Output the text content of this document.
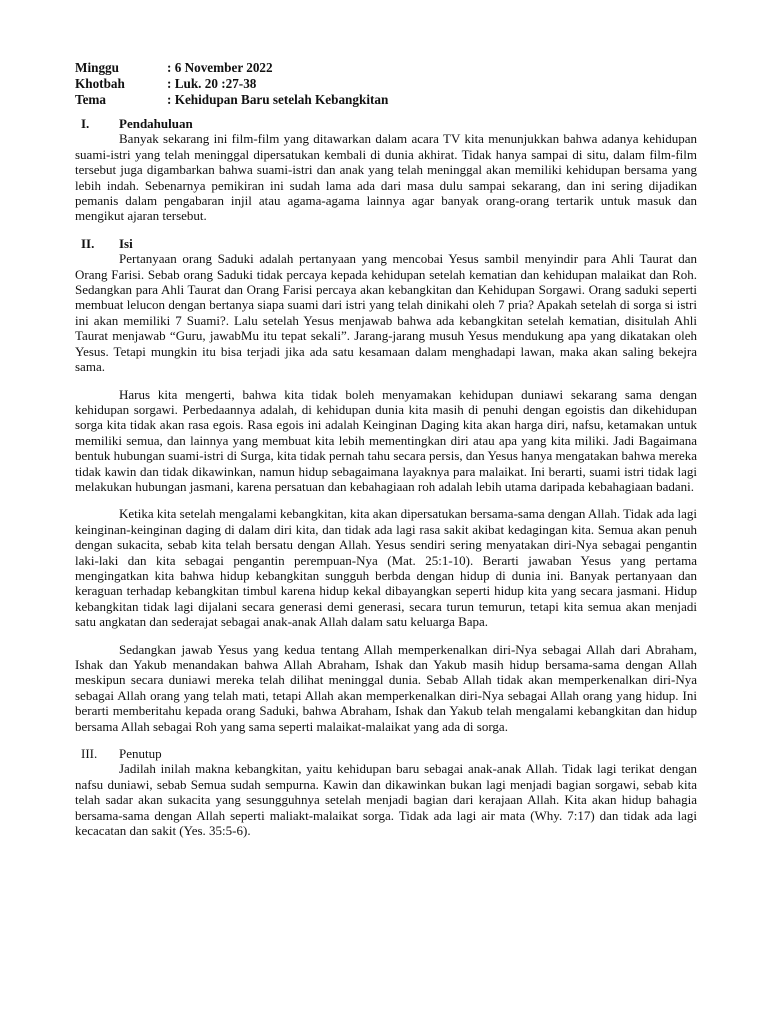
Minggu	: 6 November 2022

Khotbah	: Luk. 20 :27-38

Tema	: Kehidupan Baru setelah Kebangkitan

I.	Pendahuluan

Banyak sekarang ini film-film yang ditawarkan dalam acara TV kita menunjukkan bahwa adanya kehidupan suami-istri yang telah meninggal dipersatukan kembali di dunia akhirat. Tidak hanya sampai di situ, dalam film-film tersebut juga digambarkan bahwa suami-istri dan anak yang telah meninggal akan memiliki kehidupan bersama yang lebih indah. Sebenarnya pemikiran ini sudah lama ada dari masa dulu sampai sekarang, dan ini sering dijadikan pemanis dalam pengabaran injil atau agama-agama lainnya agar banyak orang-orang tertarik untuk masuk dan mengikut ajaran tersebut.

II.	Isi

Pertanyaan orang Saduki adalah pertanyaan yang mencobai Yesus sambil menyindir para Ahli Taurat dan Orang Farisi. Sebab orang Saduki tidak percaya kepada kehidupan setelah kematian dan kehidupan malaikat dan Roh. Sedangkan para Ahli Taurat dan Orang Farisi percaya akan kebangkitan dan Kehidupan Sorgawi. Orang saduki seperti membuat lelucon dengan bertanya siapa suami dari istri yang telah dinikahi oleh 7 pria? Apakah setelah di sorga si istri ini akan memiliki 7 Suami?. Lalu setelah Yesus menjawab bahwa ada kebangkitan setelah kematian, disitulah Ahli Taurat menjawab “Guru, jawabMu itu tepat sekali”. Jarang-jarang musuh Yesus mendukung apa yang dikatakan oleh Yesus. Tetapi mungkin itu bisa terjadi jika ada satu kesamaan dalam menghadapi lawan, maka akan saling bekejra sama.

Harus kita mengerti, bahwa kita tidak boleh menyamakan kehidupan duniawi sekarang sama dengan kehidupan sorgawi. Perbedaannya adalah, di kehidupan dunia kita masih di penuhi dengan egoistis dan dikehidupan sorga kita tidak akan rasa egois. Rasa egois ini adalah Keinginan Daging kita akan harga diri, nafsu, ketamakan untuk memiliki semua, dan lainnya yang membuat kita lebih mementingkan diri atau apa yang kita miliki. Jadi Bagaimana bentuk hubungan suami-istri di Surga, kita tidak pernah tahu secara persis, dan Yesus hanya mengatakan bahwa mereka tidak kawin dan tidak dikawinkan, namun hidup sebagaimana layaknya para malaikat. Ini berarti, suami istri tidak lagi melakukan hubungan jasmani, karena persatuan dan kebahagiaan roh adalah lebih utama daripada kebahagiaan badani.

Ketika kita setelah mengalami kebangkitan, kita akan dipersatukan bersama-sama dengan Allah. Tidak ada lagi keinginan-keinginan daging di dalam diri kita, dan tidak ada lagi rasa sakit akibat kedagingan kita. Semua akan penuh dengan sukacita, sebab kita telah bersatu dengan Allah. Yesus sendiri sering menyatakan diri-Nya sebagai pengantin laki-laki dan kita sebagai pengantin perempuan-Nya (Mat. 25:1-10). Berarti jawaban Yesus yang pertama mengingatkan kita bahwa hidup kebangkitan sungguh berbda dengan hidup di dunia ini. Banyak pertanyaan dan keraguan terhadap kebangkitan timbul karena hidup kekal dibayangkan seperti hidup kita yang secara jasmani. Hidup kebangkitan tidak lagi dijalani secara generasi demi generasi, secara turun temurun, tetapi kita semua akan menjadi satu angkatan dan sederajat sebagai anak-anak Allah dalam satu keluarga Bapa.

Sedangkan jawab Yesus yang kedua tentang Allah memperkenalkan diri-Nya sebagai Allah dari Abraham, Ishak dan Yakub menandakan bahwa Allah Abraham, Ishak dan Yakub masih hidup bersama-sama dengan Allah meskipun secara duniawi mereka telah dilihat meninggal dunia. Sebab Allah tidak akan memperkenalkan diri-Nya sebagai Allah orang yang telah mati, tetapi Allah akan memperkenalkan diri-Nya sebagai Allah orang yang hidup. Ini berarti memberitahu kepada orang Saduki, bahwa Abraham, Ishak dan Yakub telah mengalami kebangkitan dan hidup bersama Allah sebagai Roh yang sama seperti malaikat-malaikat yang ada di sorga.

III.	Penutup

Jadilah inilah makna kebangkitan, yaitu kehidupan baru sebagai anak-anak Allah. Tidak lagi terikat dengan nafsu duniawi, sebab Semua sudah sempurna. Kawin dan dikawinkan bukan lagi menjadi bagian sorgawi, sebab kita telah sadar akan sukacita yang sesungguhnya setelah menjadi bagian dari kerajaan Allah. Kita akan hidup bahagia bersama-sama dengan Allah seperti maliakt-malaikat sorga. Tidak ada lagi air mata (Why. 7:17) dan tidak ada lagi kecacatan dan sakit (Yes. 35:5-6).
